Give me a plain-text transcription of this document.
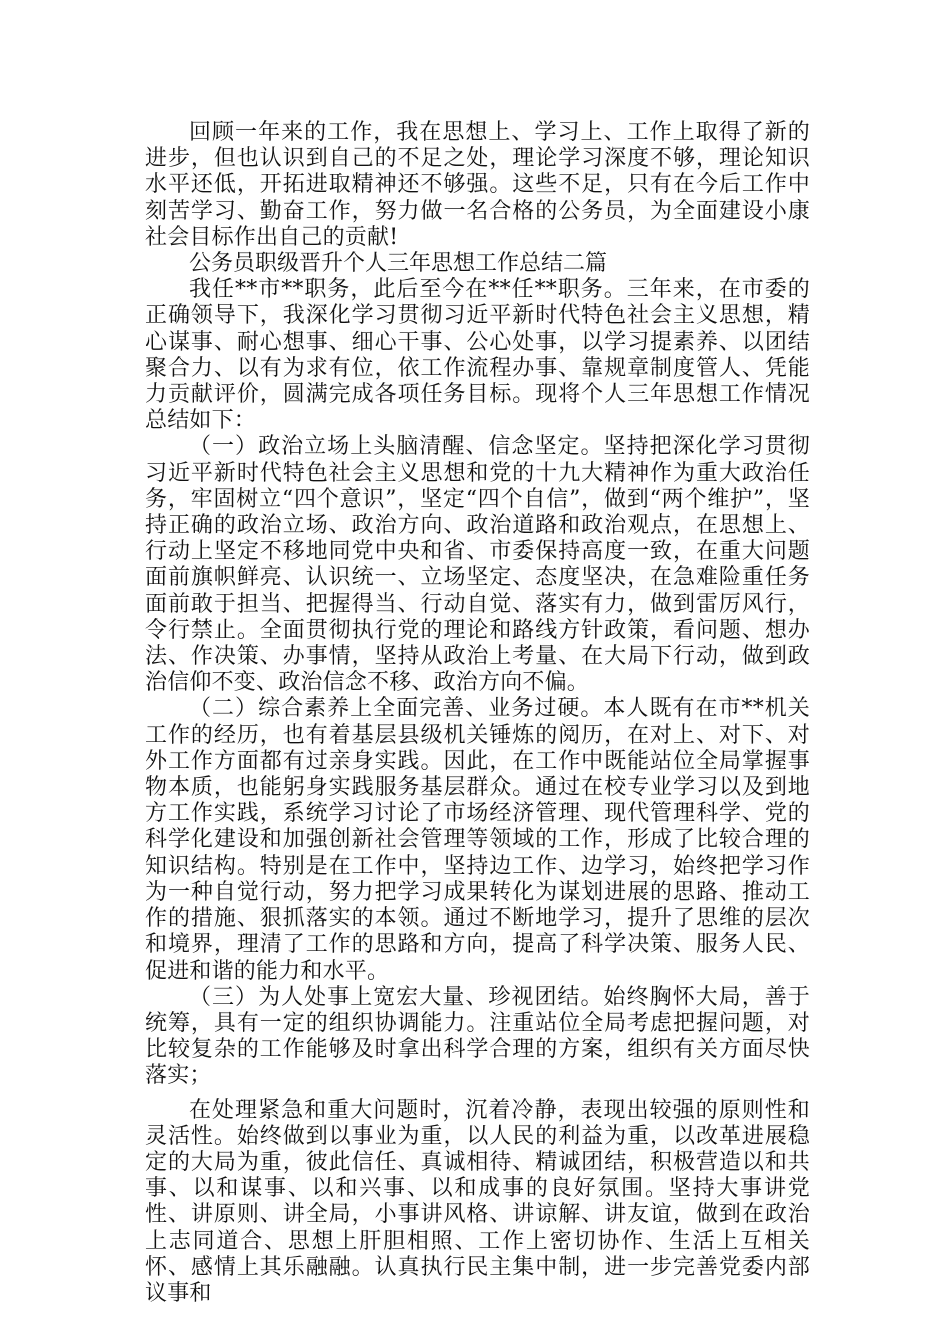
回顾一年来的工作，我在思想上、学习上、工作上取得了新的进步，但也认识到自己的不足之处，理论学习深度不够，理论知识水平还低，开拓进取精神还不够强。这些不足，只有在今后工作中刻苦学习、勤奋工作，努力做一名合格的公务员，为全面建设小康社会目标作出自己的贡献!

公务员职级晋升个人三年思想工作总结二篇

我任**市**职务，此后至今在**任**职务。三年来，在市委的正确领导下，我深化学习贯彻习近平新时代特色社会主义思想，精心谋事、耐心想事、细心干事、公心处事，以学习提素养、以团结聚合力、以有为求有位，依工作流程办事、靠规章制度管人、凭能力贡献评价，圆满完成各项任务目标。现将个人三年思想工作情况总结如下：

（一）政治立场上头脑清醒、信念坚定。坚持把深化学习贯彻习近平新时代特色社会主义思想和党的十九大精神作为重大政治任务，牢固树立“四个意识”，坚定“四个自信”，做到“两个维护”，坚持正确的政治立场、政治方向、政治道路和政治观点，在思想上、行动上坚定不移地同党中央和省、市委保持高度一致，在重大问题面前旗帜鲜亮、认识统一、立场坚定、态度坚决，在急难险重任务面前敢于担当、把握得当、行动自觉、落实有力，做到雷厉风行，令行禁止。全面贯彻执行党的理论和路线方针政策，看问题、想办法、作决策、办事情，坚持从政治上考量、在大局下行动，做到政治信仰不变、政治信念不移、政治方向不偏。

（二）综合素养上全面完善、业务过硬。本人既有在市**机关工作的经历，也有着基层县级机关锤炼的阅历，在对上、对下、对外工作方面都有过亲身实践。因此，在工作中既能站位全局掌握事物本质，也能躬身实践服务基层群众。通过在校专业学习以及到地方工作实践，系统学习讨论了市场经济管理、现代管理科学、党的科学化建设和加强创新社会管理等领域的工作，形成了比较合理的知识结构。特别是在工作中，坚持边工作、边学习，始终把学习作为一种自觉行动，努力把学习成果转化为谋划进展的思路、推动工作的措施、狠抓落实的本领。通过不断地学习，提升了思维的层次和境界，理清了工作的思路和方向，提高了科学决策、服务人民、促进和谐的能力和水平。

（三）为人处事上宽宏大量、珍视团结。始终胸怀大局，善于统筹，具有一定的组织协调能力。注重站位全局考虑把握问题，对比较复杂的工作能够及时拿出科学合理的方案，组织有关方面尽快落实；

在处理紧急和重大问题时，沉着冷静，表现出较强的原则性和灵活性。始终做到以事业为重，以人民的利益为重，以改革进展稳定的大局为重，彼此信任、真诚相待、精诚团结，积极营造以和共事、以和谋事、以和兴事、以和成事的良好氛围。坚持大事讲党性、讲原则、讲全局，小事讲风格、讲谅解、讲友谊，做到在政治上志同道合、思想上肝胆相照、工作上密切协作、生活上互相关怀、感情上其乐融融。认真执行民主集中制，进一步完善党委内部议事和
